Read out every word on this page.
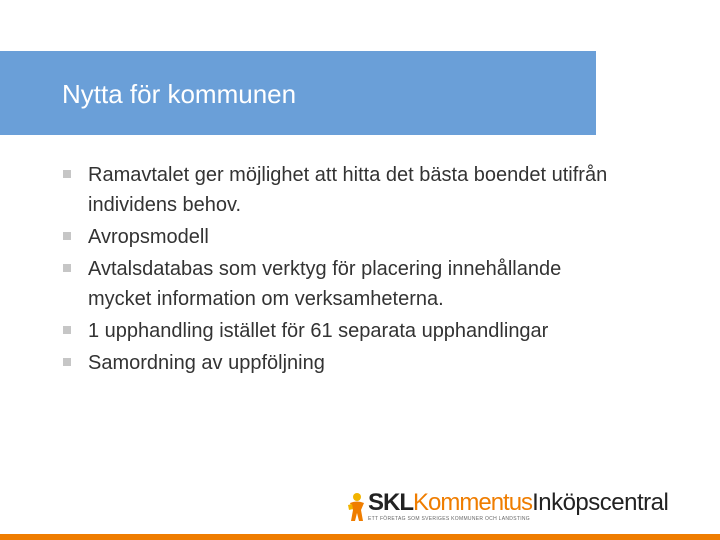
Nytta för kommunen
Ramavtalet ger möjlighet att hitta det bästa boendet utifrån individens behov.
Avropsmodell
Avtalsdatabas som verktyg för placering innehållande mycket information om verksamheterna.
1 upphandling istället för 61 separata upphandlingar
Samordning av uppföljning
SKL Kommentus Inköpscentral
ETT FÖRETAG SOM SVERIGES KOMMUNER OCH LANDSTING
